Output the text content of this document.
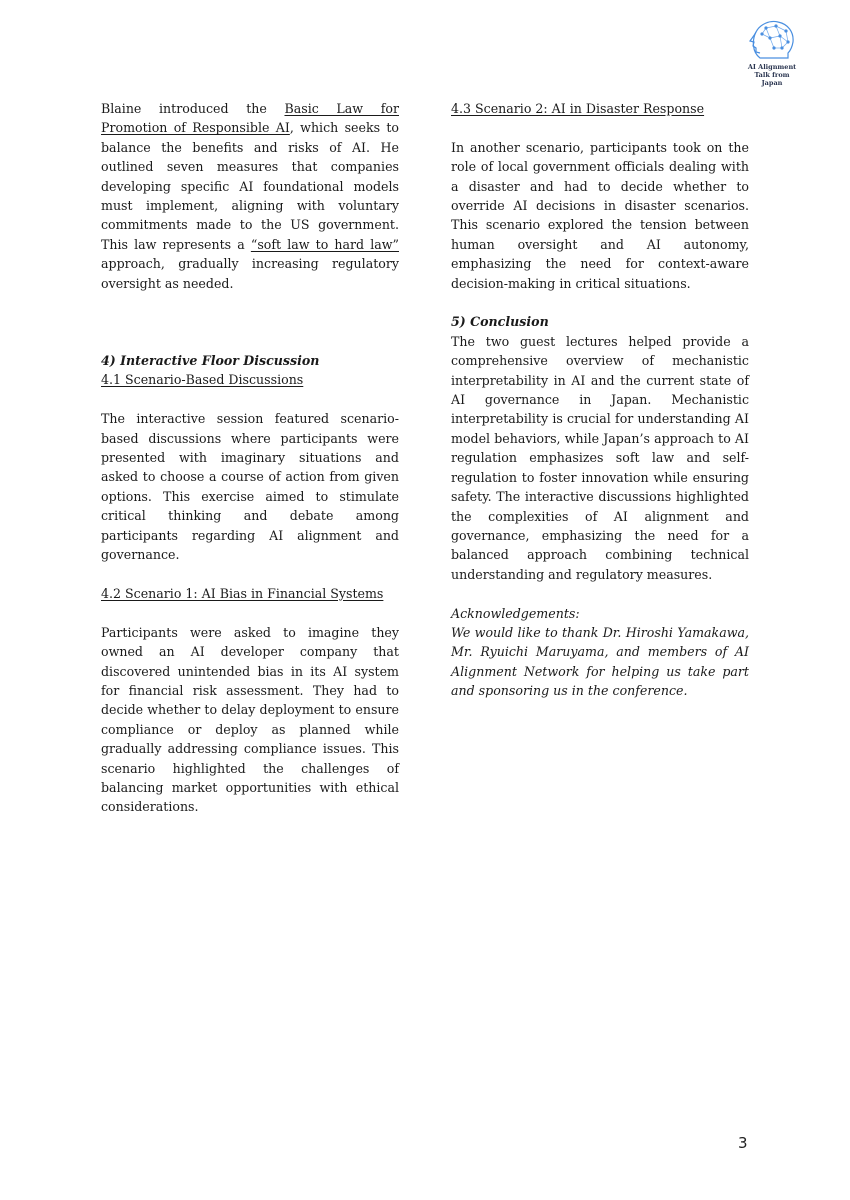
AI Alignment
Talk from
Japan

Blaine introduced the Basic Law for Promotion of Responsible AI, which seeks to balance the benefits and risks of AI. He outlined seven measures that companies developing specific AI foundational models must implement, aligning with voluntary commitments made to the US government. This law represents a “soft law to hard law” approach, gradually increasing regulatory oversight as needed.

4) Interactive Floor Discussion

4.1 Scenario-Based Discussions

The interactive session featured scenario-based discussions where participants were presented with imaginary situations and asked to choose a course of action from given options. This exercise aimed to stimulate critical thinking and debate among participants regarding AI alignment and governance.

4.2 Scenario 1: AI Bias in Financial Systems

Participants were asked to imagine they owned an AI developer company that discovered unintended bias in its AI system for financial risk assessment. They had to decide whether to delay deployment to ensure compliance or deploy as planned while gradually addressing compliance issues. This scenario highlighted the challenges of balancing market opportunities with ethical considerations.

4.3 Scenario 2: AI in Disaster Response

In another scenario, participants took on the role of local government officials dealing with a disaster and had to decide whether to override AI decisions in disaster scenarios. This scenario explored the tension between human oversight and AI autonomy, emphasizing the need for context-aware decision-making in critical situations.

5) Conclusion

The two guest lectures helped provide a comprehensive overview of mechanistic interpretability in AI and the current state of AI governance in Japan. Mechanistic interpretability is crucial for understanding AI model behaviors, while Japan’s approach to AI regulation emphasizes soft law and self-regulation to foster innovation while ensuring safety. The interactive discussions highlighted the complexities of AI alignment and governance, emphasizing the need for a balanced approach combining technical understanding and regulatory measures.

Acknowledgements:

We would like to thank Dr. Hiroshi Yamakawa, Mr. Ryuichi Maruyama, and members of AI Alignment Network for helping us take part and sponsoring us in the conference.

3
